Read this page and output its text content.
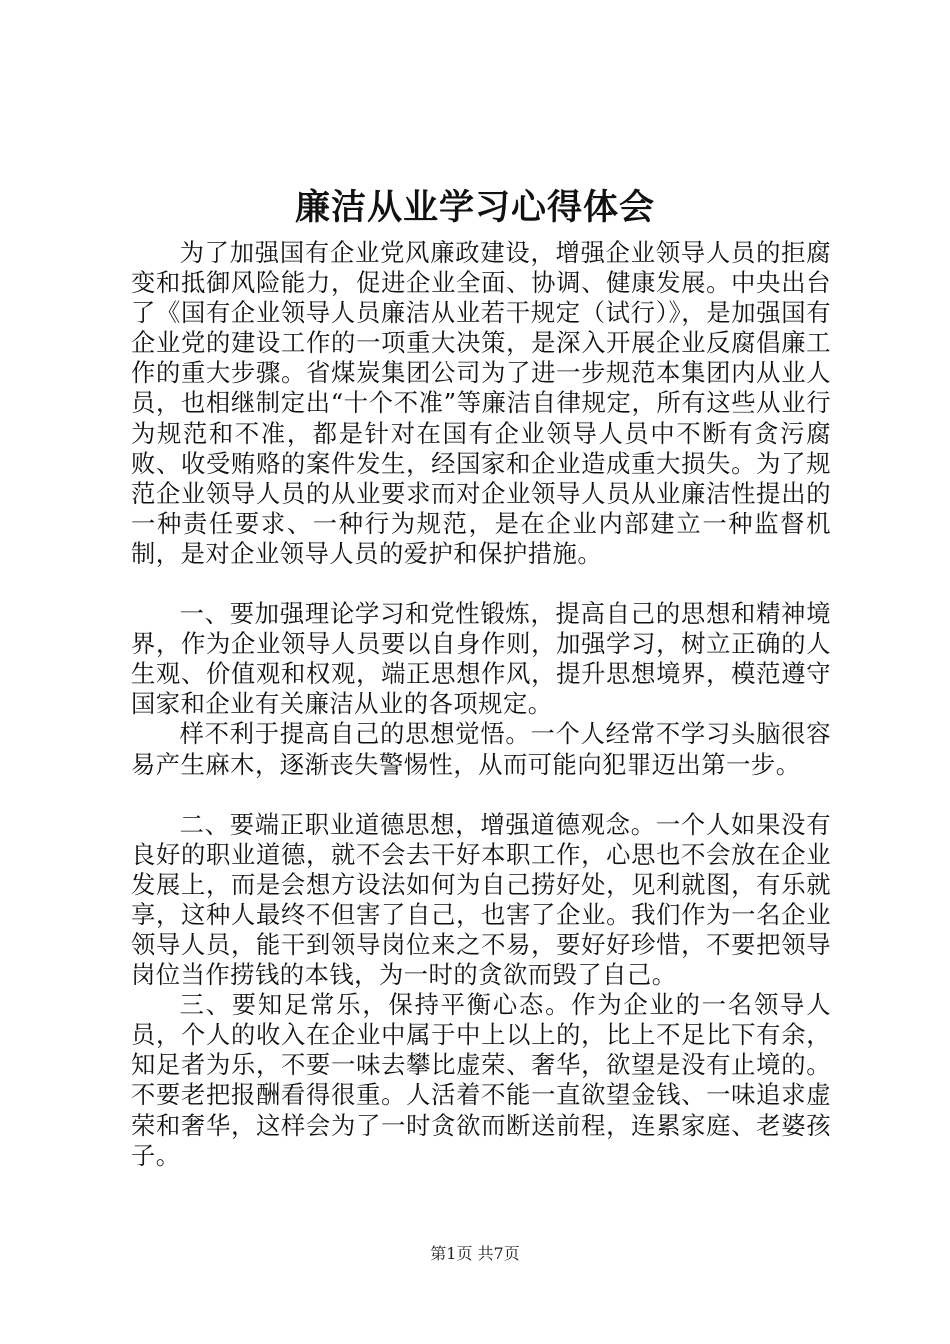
廉洁从业学习心得体会

为了加强国有企业党风廉政建设，增强企业领导人员的拒腐变和抵御风险能力，促进企业全面、协调、健康发展。中央出台了《国有企业领导人员廉洁从业若干规定（试行）》，是加强国有企业党的建设工作的一项重大决策，是深入开展企业反腐倡廉工作的重大步骤。省煤炭集团公司为了进一步规范本集团内从业人员，也相继制定出“十个不准”等廉洁自律规定，所有这些从业行为规范和不准，都是针对在国有企业领导人员中不断有贪污腐败、收受贿赂的案件发生，经国家和企业造成重大损失。为了规范企业领导人员的从业要求而对企业领导人员从业廉洁性提出的一种责任要求、一种行为规范，是在企业内部建立一种监督机制，是对企业领导人员的爱护和保护措施。

一、要加强理论学习和党性锻炼，提高自己的思想和精神境界，作为企业领导人员要以自身作则，加强学习，树立正确的人生观、价值观和权观，端正思想作风，提升思想境界，模范遵守国家和企业有关廉洁从业的各项规定。

样不利于提高自己的思想觉悟。一个人经常不学习头脑很容易产生麻木，逐渐丧失警惕性，从而可能向犯罪迈出第一步。

二、要端正职业道德思想，增强道德观念。一个人如果没有良好的职业道德，就不会去干好本职工作，心思也不会放在企业发展上，而是会想方设法如何为自己捞好处，见利就图，有乐就享，这种人最终不但害了自己，也害了企业。我们作为一名企业领导人员，能干到领导岗位来之不易，要好好珍惜，不要把领导岗位当作捞钱的本钱，为一时的贪欲而毁了自己。

三、要知足常乐，保持平衡心态。作为企业的一名领导人员，个人的收入在企业中属于中上以上的，比上不足比下有余，知足者为乐，不要一味去攀比虚荣、奢华，欲望是没有止境的。不要老把报酬看得很重。人活着不能一直欲望金钱、一味追求虚荣和奢华，这样会为了一时贪欲而断送前程，连累家庭、老婆孩子。

第1页 共7页
